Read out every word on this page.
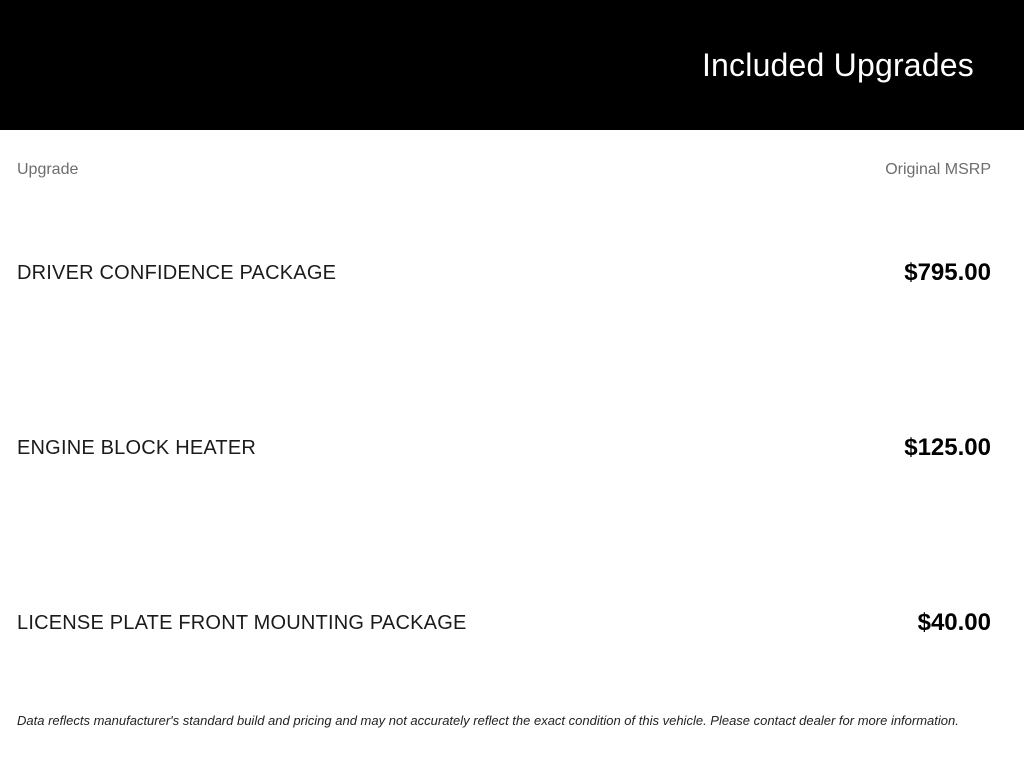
Included Upgrades
Upgrade	Original MSRP
DRIVER CONFIDENCE PACKAGE	$795.00
ENGINE BLOCK HEATER	$125.00
LICENSE PLATE FRONT MOUNTING PACKAGE	$40.00
Data reflects manufacturer's standard build and pricing and may not accurately reflect the exact condition of this vehicle. Please contact dealer for more information.
